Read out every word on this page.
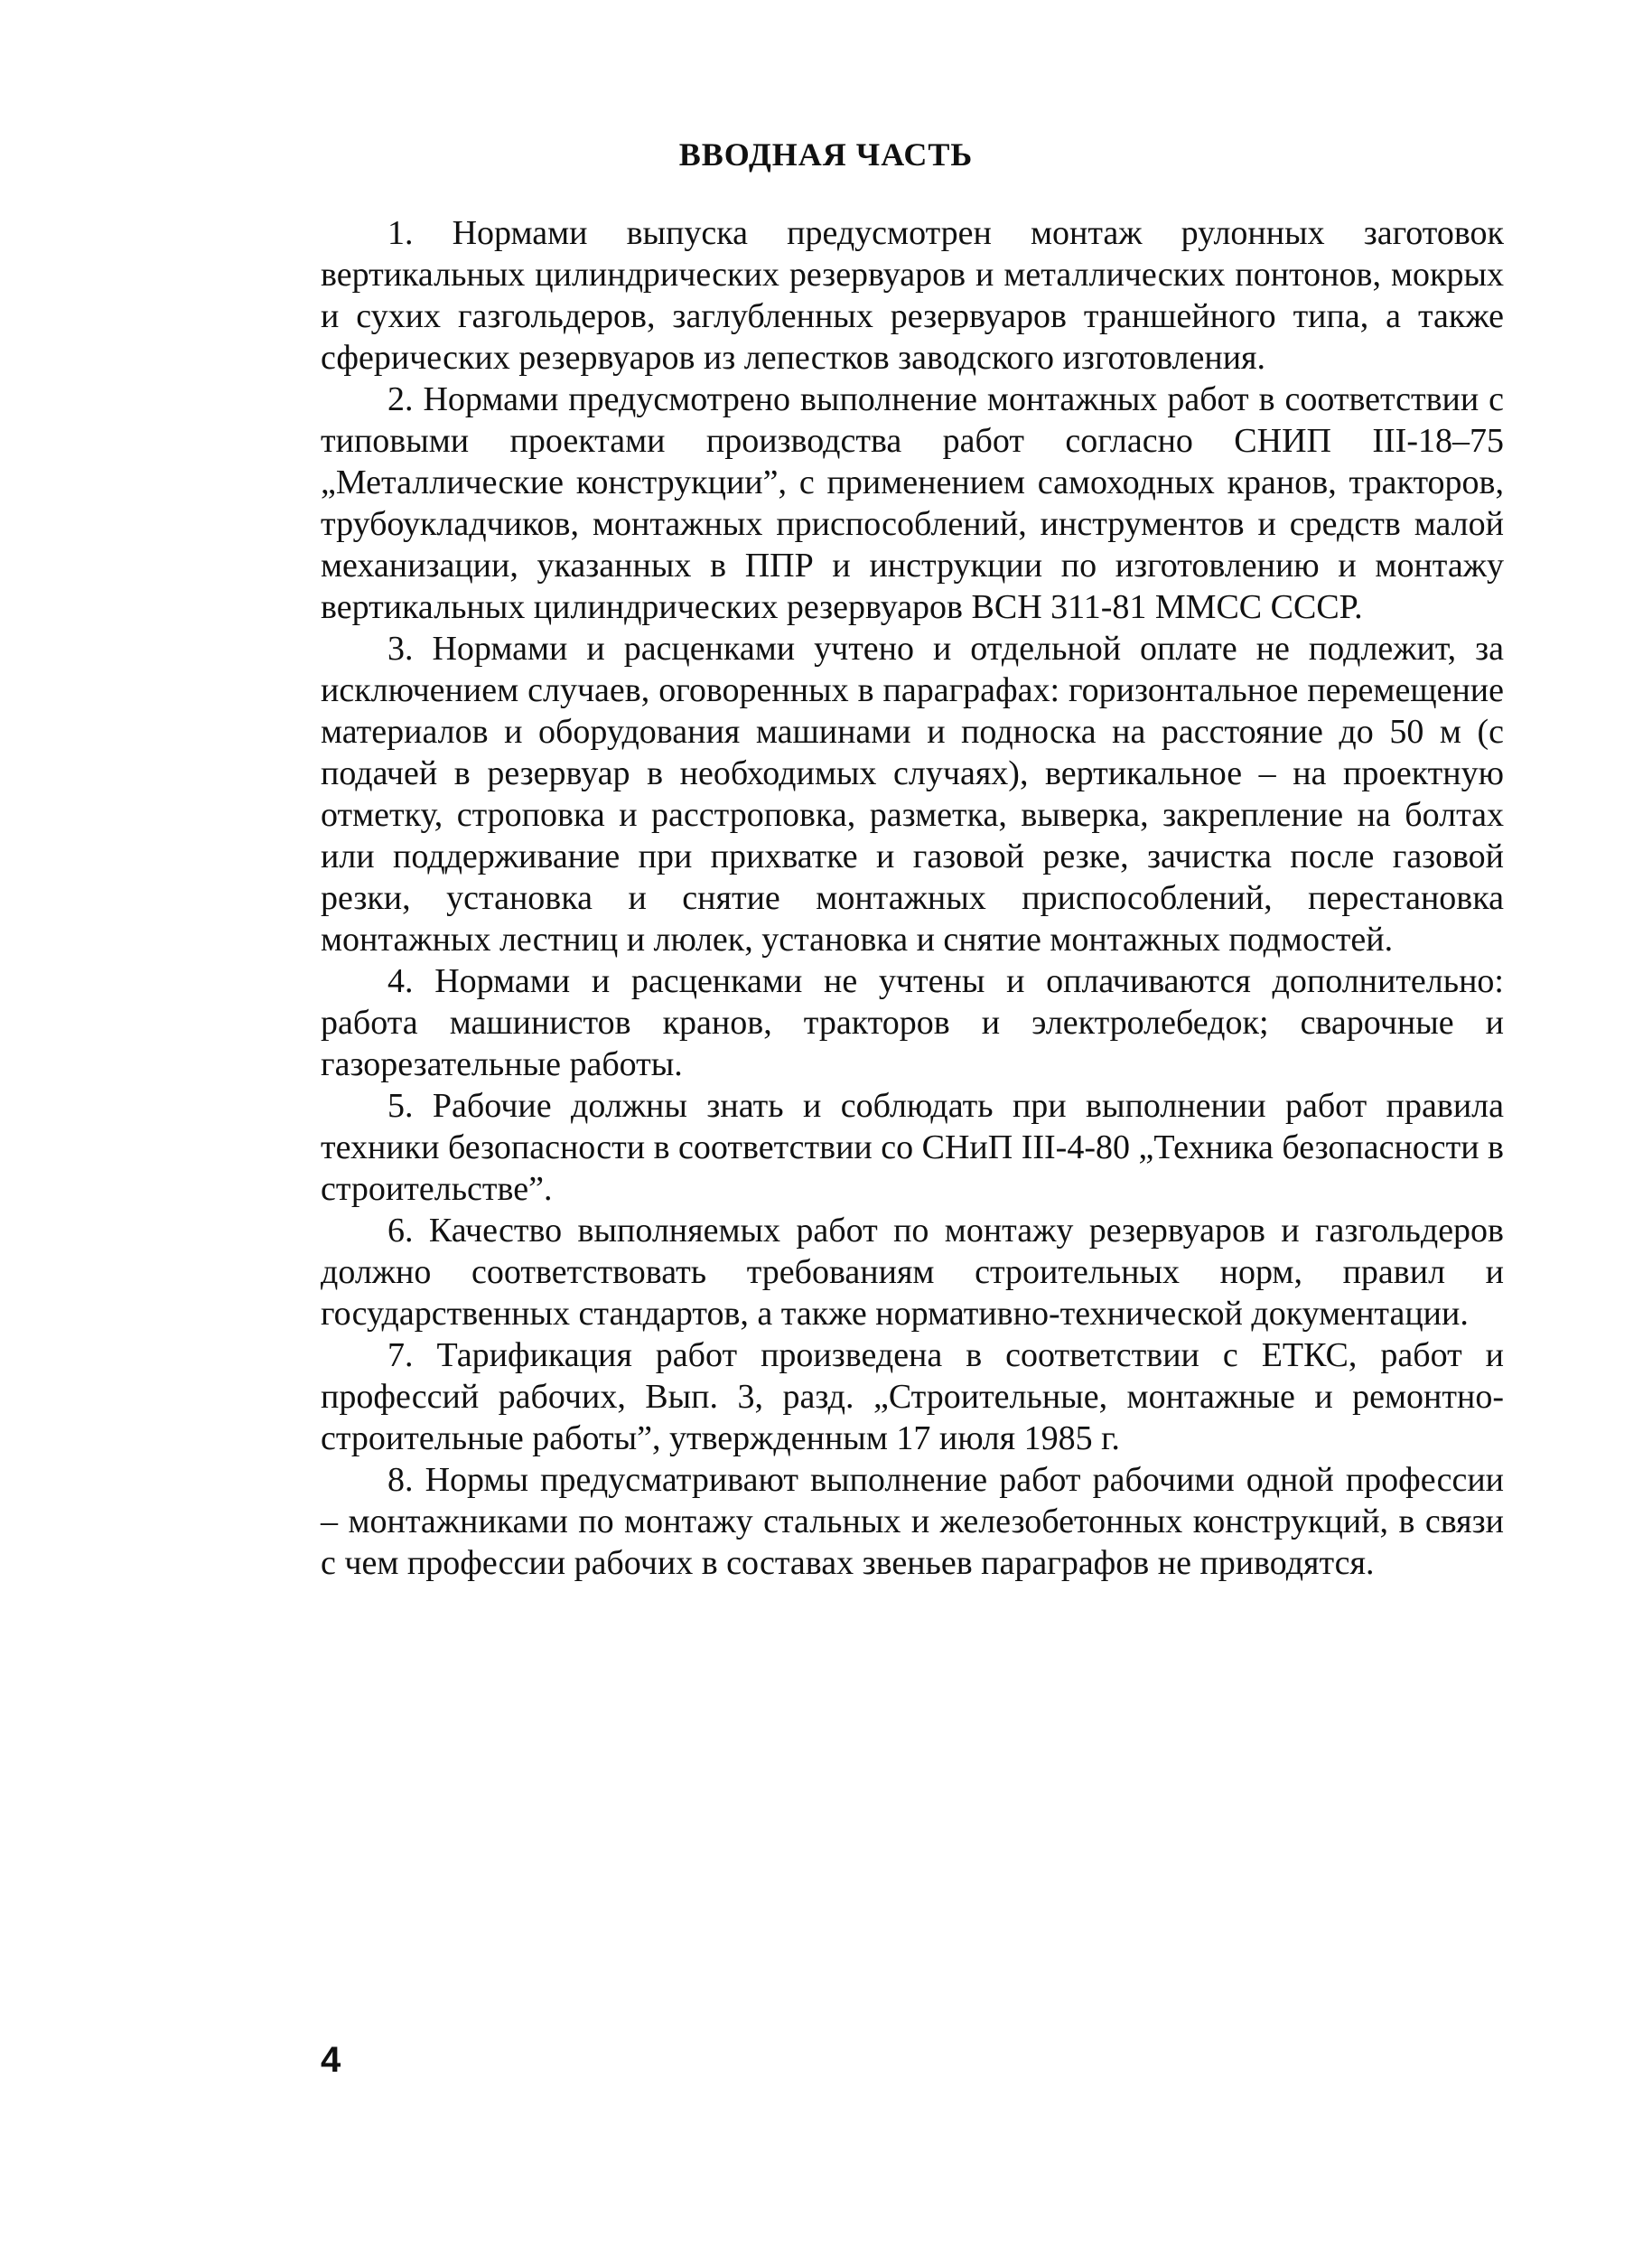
ВВОДНАЯ ЧАСТЬ

1. Нормами выпуска предусмотрен монтаж рулонных заготовок вертикальных цилиндрических резервуаров и металлических понтонов, мокрых и сухих газгольдеров, заглубленных резервуаров траншейного типа, а также сферических резервуаров из лепестков заводского изготовления.

2. Нормами предусмотрено выполнение монтажных работ в соответствии с типовыми проектами производства работ согласно СНИП III-18–75 „Металлические конструкции”, с применением самоходных кранов, тракторов, трубоукладчиков, монтажных приспособлений, инструментов и средств малой механизации, указанных в ППР и инструкции по изготовлению и монтажу вертикальных цилиндрических резервуаров ВСН 311-81 ММСС СССР.

3. Нормами и расценками учтено и отдельной оплате не подлежит, за исключением случаев, оговоренных в параграфах: горизонтальное перемещение материалов и оборудования машинами и подноска на расстояние до 50 м (с подачей в резервуар в необходимых случаях), вертикальное – на проектную отметку, строповка и расстроповка, разметка, выверка, закрепление на болтах или поддерживание при прихватке и газовой резке, зачистка после газовой резки, установка и снятие монтажных приспособлений, перестановка монтажных лестниц и люлек, установка и снятие монтажных подмостей.

4. Нормами и расценками не учтены и оплачиваются дополнительно: работа машинистов кранов, тракторов и электролебедок; сварочные и газорезательные работы.

5. Рабочие должны знать и соблюдать при выполнении работ правила техники безопасности в соответствии со СНиП III-4-80 „Техника безопасности в строительстве”.

6. Качество выполняемых работ по монтажу резервуаров и газгольдеров должно соответствовать требованиям строительных норм, правил и государственных стандартов, а также нормативно-технической документации.

7. Тарификация работ произведена в соответствии с ЕТКС, работ и профессий рабочих, Вып. 3, разд. „Строительные, монтажные и ремонтно-строительные работы”, утвержденным 17 июля 1985 г.

8. Нормы предусматривают выполнение работ рабочими одной профессии – монтажниками по монтажу стальных и железобетонных конструкций, в связи с чем профессии рабочих в составах звеньев параграфов не приводятся.

4
